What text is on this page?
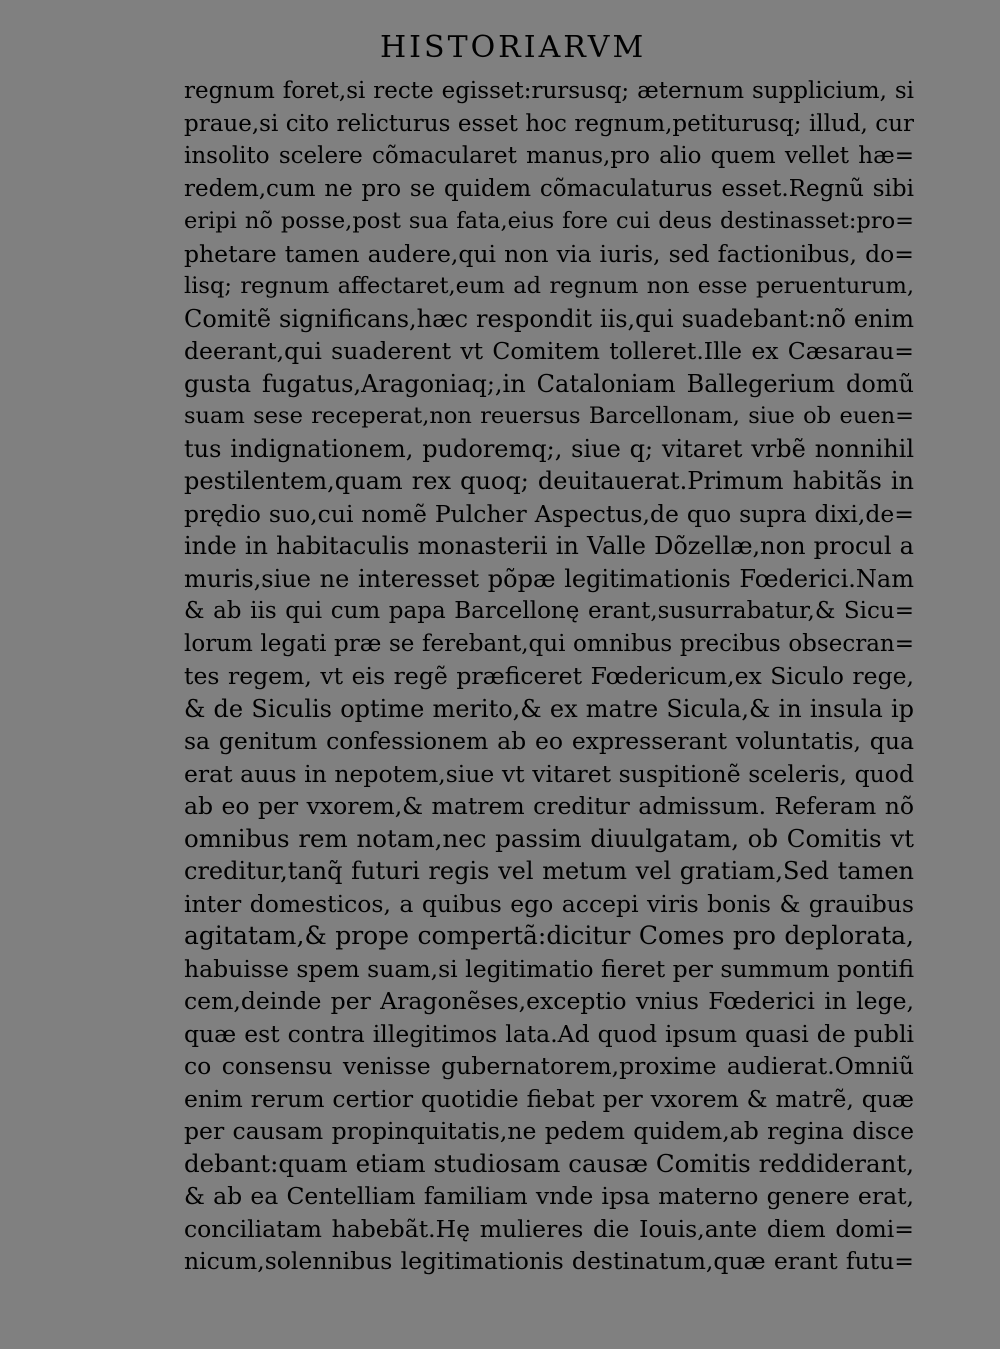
HISTORIARVM
regnum foret,si recte egisset:rursusq; æternum supplicium, si
praue,si cito relicturus esset hoc regnum,petiturusq; illud, cur
insolito scelere cõmacularet manus,pro alio quem vellet hæ=
redem,cum ne pro se quidem cõmaculaturus esset.Regnũ sibi
eripi nõ posse,post sua fata,eius fore cui deus destinasset:pro=
phetare tamen audere,qui non via iuris, sed factionibus, do=
lisq; regnum affectaret,eum ad regnum non esse peruenturum,
Comitẽ significans,hæc respondit iis,qui suadebant:nõ enim
deerant,qui suaderent vt Comitem tolleret.Ille ex Cæsarau=
gusta fugatus,Aragoniaq;,in Cataloniam Ballegerium domũ
suam sese receperat,non reuersus Barcellonam, siue ob euen=
tus indignationem, pudoremq;, siue q; vitaret vrbẽ nonnihil
pestilentem,quam rex quoq; deuitauerat.Primum habitãs in
prędio suo,cui nomẽ Pulcher Aspectus,de quo supra dixi,de=
inde in habitaculis monasterii in Valle Dõzellæ,non procul a
muris,siue ne interesset põpæ legitimationis Fœderici.Nam
& ab iis qui cum papa Barcellonę erant,susurrabatur,& Sicu=
lorum legati præ se ferebant,qui omnibus precibus obsecran=
tes regem, vt eis regẽ præficeret Fœdericum,ex Siculo rege,
& de Siculis optime merito,& ex matre Sicula,& in insula ip
sa genitum confessionem ab eo expresserant voluntatis, qua
erat auus in nepotem,siue vt vitaret suspitionẽ sceleris, quod
ab eo per vxorem,& matrem creditur admissum. Referam nõ
omnibus rem notam,nec passim diuulgatam, ob Comitis vt
creditur,tanq̃ futuri regis vel metum vel gratiam,Sed tamen
inter domesticos, a quibus ego accepi viris bonis & grauibus
agitatam,& prope compertã:dicitur Comes pro deplorata,
habuisse spem suam,si legitimatio fieret per summum pontifi
cem,deinde per Aragonẽses,exceptio vnius Fœderici in lege,
quæ est contra illegitimos lata.Ad quod ipsum quasi de publi
co consensu venisse gubernatorem,proxime audierat.Omniũ
enim rerum certior quotidie fiebat per vxorem & matrẽ, quæ
per causam propinquitatis,ne pedem quidem,ab regina disce
debant:quam etiam studiosam causæ Comitis reddiderant,
& ab ea Centelliam familiam vnde ipsa materno genere erat,
conciliatam habebãt.Hę mulieres die Iouis,ante diem domi=
nicum,solennibus legitimationis destinatum,quæ erant futu=
